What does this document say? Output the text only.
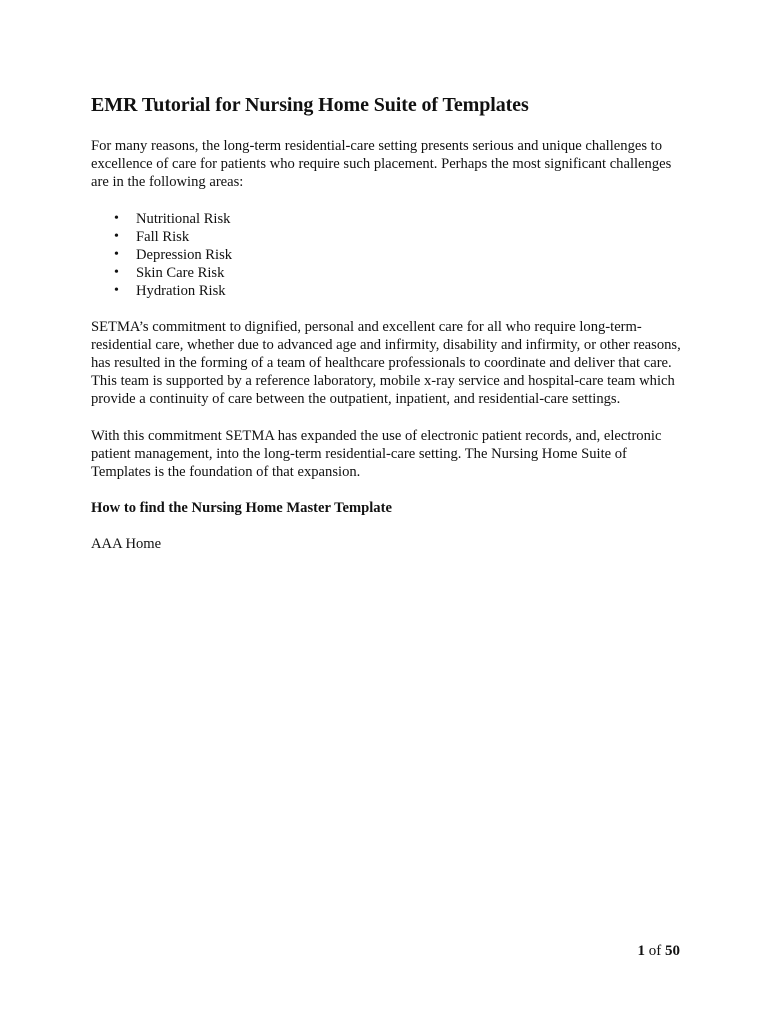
EMR Tutorial for Nursing Home Suite of Templates

For many reasons, the long-term residential-care setting presents serious and unique challenges to excellence of care for patients who require such placement. Perhaps the most significant challenges are in the following areas:

• Nutritional Risk
• Fall Risk
• Depression Risk
• Skin Care Risk
• Hydration Risk

SETMA’s commitment to dignified, personal and excellent care for all who require long-term-residential care, whether due to advanced age and infirmity, disability and infirmity, or other reasons, has resulted in the forming of a team of healthcare professionals to coordinate and deliver that care. This team is supported by a reference laboratory, mobile x-ray service and hospital-care team which provide a continuity of care between the outpatient, inpatient, and residential-care settings.

With this commitment SETMA has expanded the use of electronic patient records, and, electronic patient management, into the long-term residential-care setting. The Nursing Home Suite of Templates is the foundation of that expansion.

How to find the Nursing Home Master Template

AAA Home

1 of 50
